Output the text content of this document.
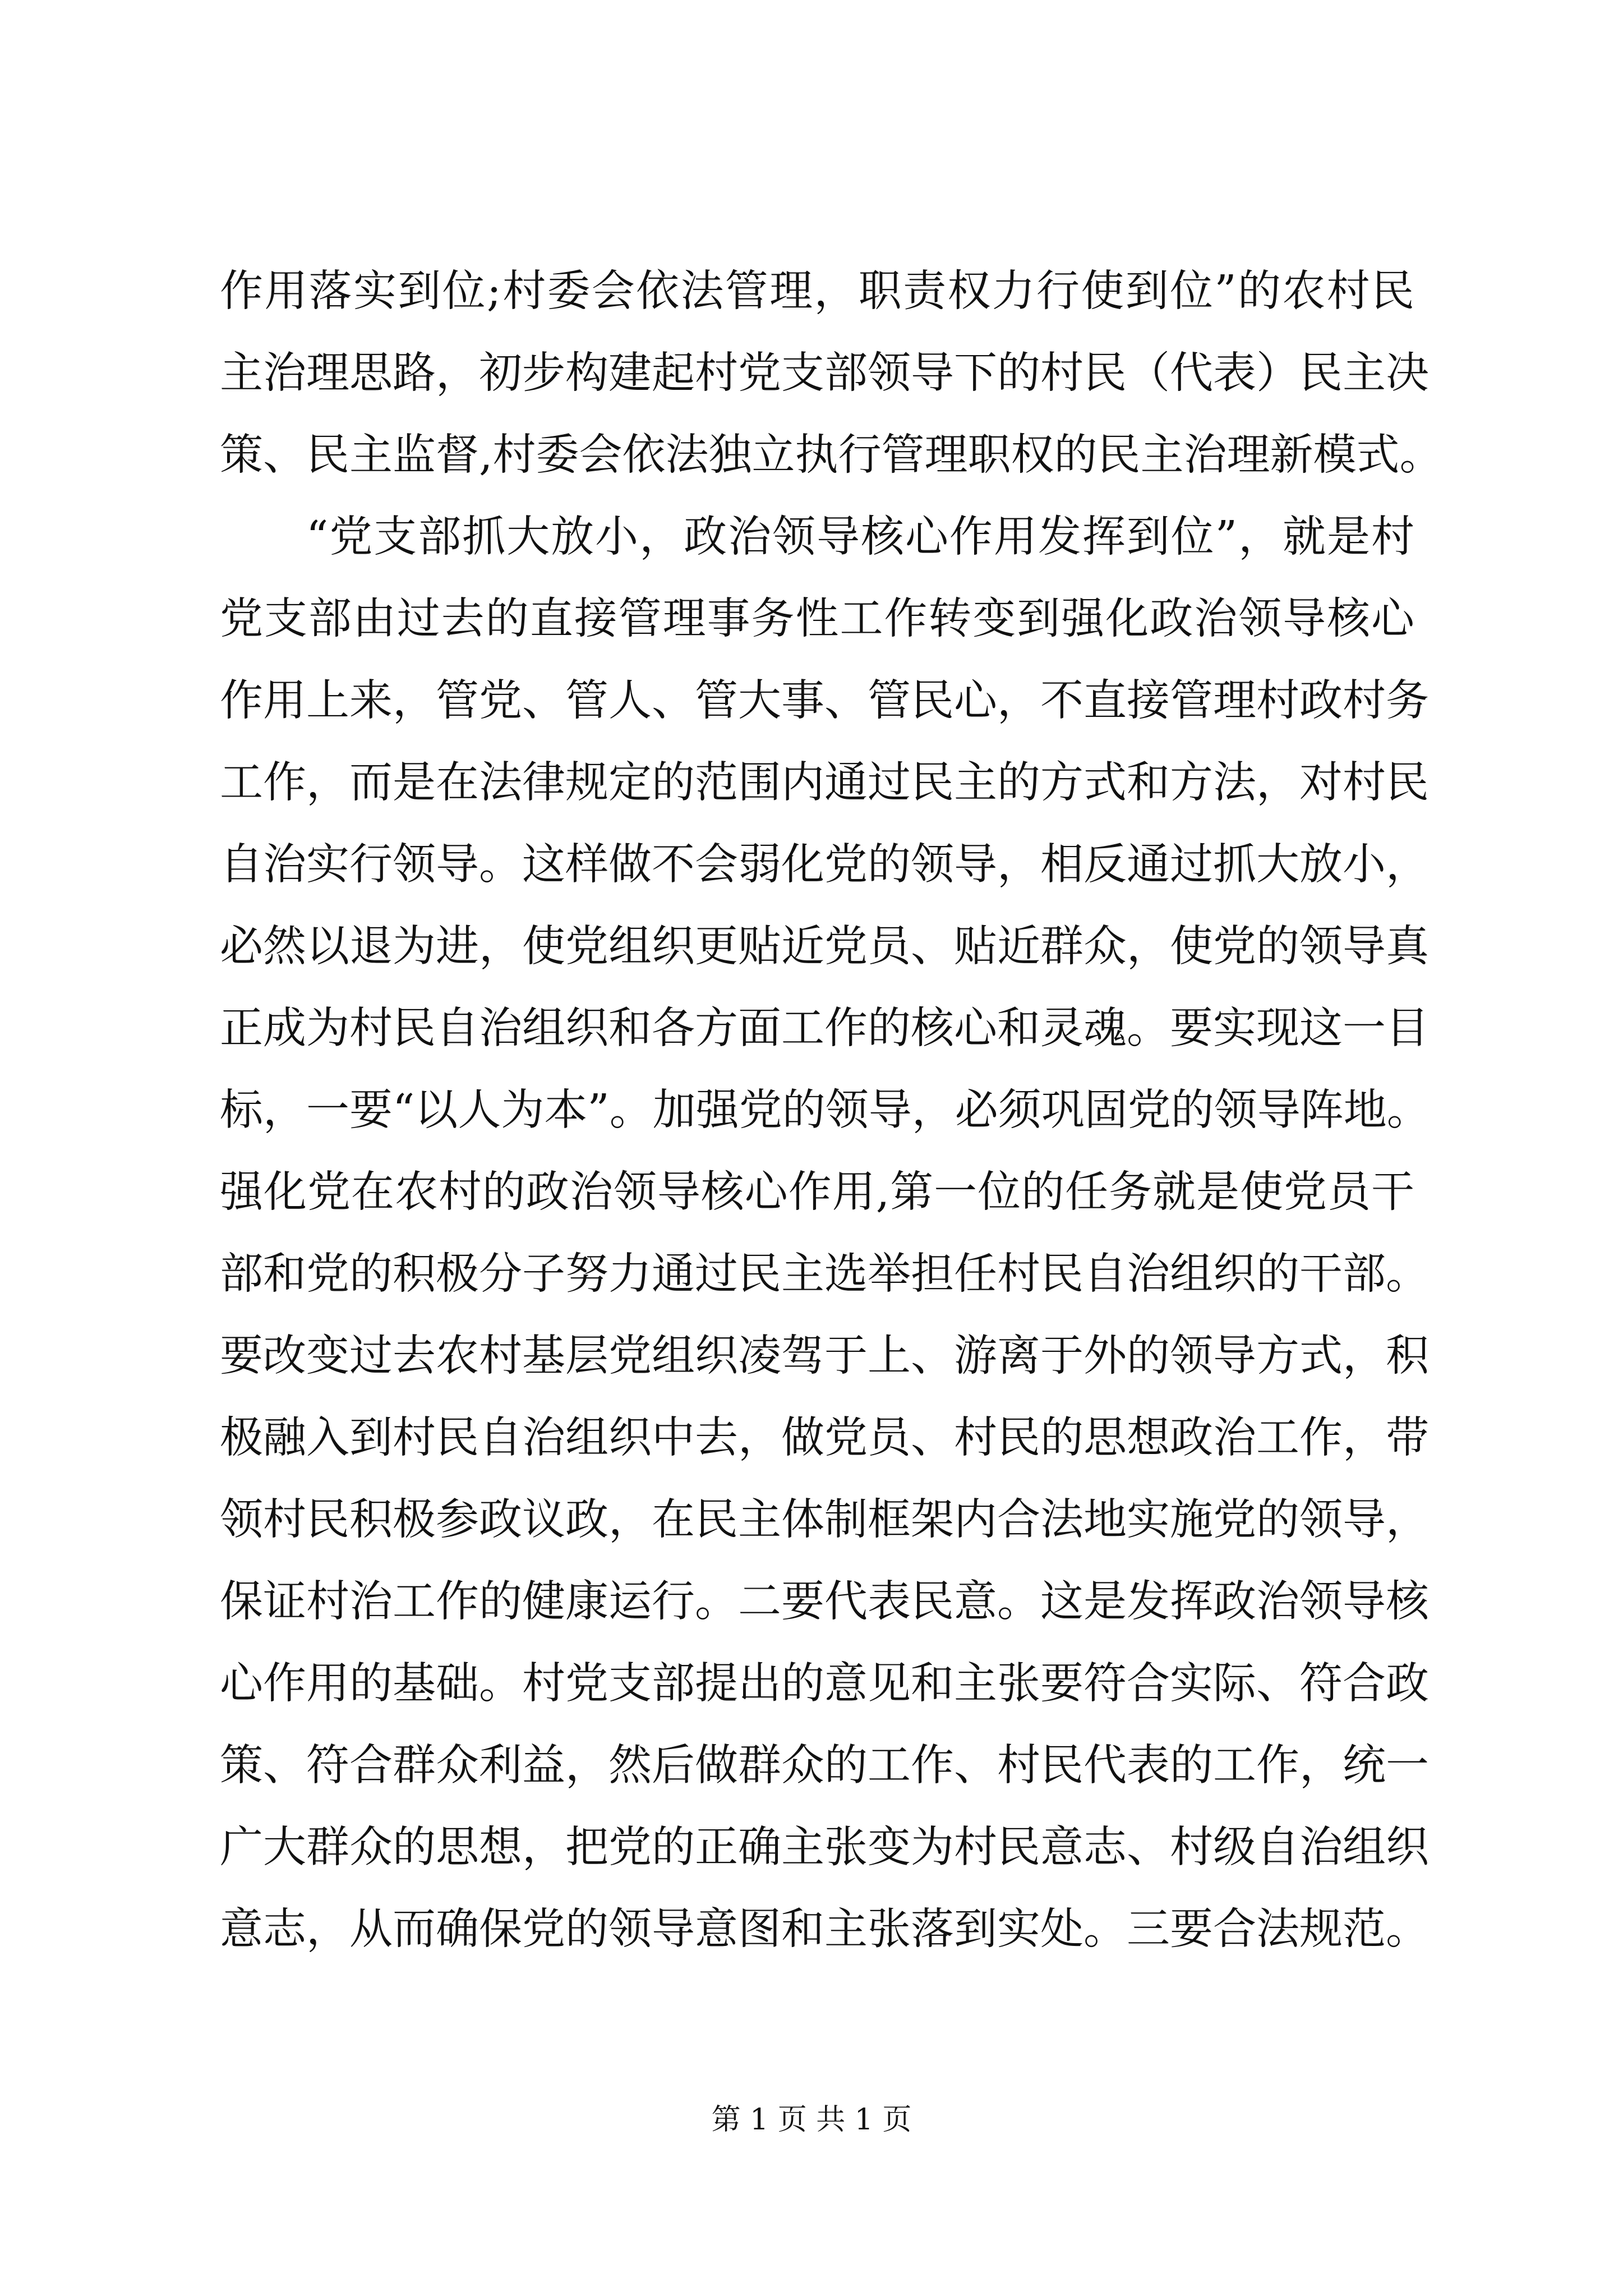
作用落实到位;村委会依法管理，职责权力行使到位”的农村民
主治理思路，初步构建起村党支部领导下的村民（代表）民主决
策、民主监督,村委会依法独立执行管理职权的民主治理新模式。
“党支部抓大放小，政治领导核心作用发挥到位”，就是村
党支部由过去的直接管理事务性工作转变到强化政治领导核心
作用上来，管党、管人、管大事、管民心，不直接管理村政村务
工作，而是在法律规定的范围内通过民主的方式和方法，对村民
自治实行领导。这样做不会弱化党的领导，相反通过抓大放小，
必然以退为进，使党组织更贴近党员、贴近群众，使党的领导真
正成为村民自治组织和各方面工作的核心和灵魂。要实现这一目
标，一要“以人为本”。加强党的领导，必须巩固党的领导阵地。
强化党在农村的政治领导核心作用,第一位的任务就是使党员干
部和党的积极分子努力通过民主选举担任村民自治组织的干部。
要改变过去农村基层党组织凌驾于上、游离于外的领导方式，积
极融入到村民自治组织中去，做党员、村民的思想政治工作，带
领村民积极参政议政，在民主体制框架内合法地实施党的领导，
保证村治工作的健康运行。二要代表民意。这是发挥政治领导核
心作用的基础。村党支部提出的意见和主张要符合实际、符合政
策、符合群众利益，然后做群众的工作、村民代表的工作，统一
广大群众的思想，把党的正确主张变为村民意志、村级自治组织
意志，从而确保党的领导意图和主张落到实处。三要合法规范。
第 1 页 共 1 页
